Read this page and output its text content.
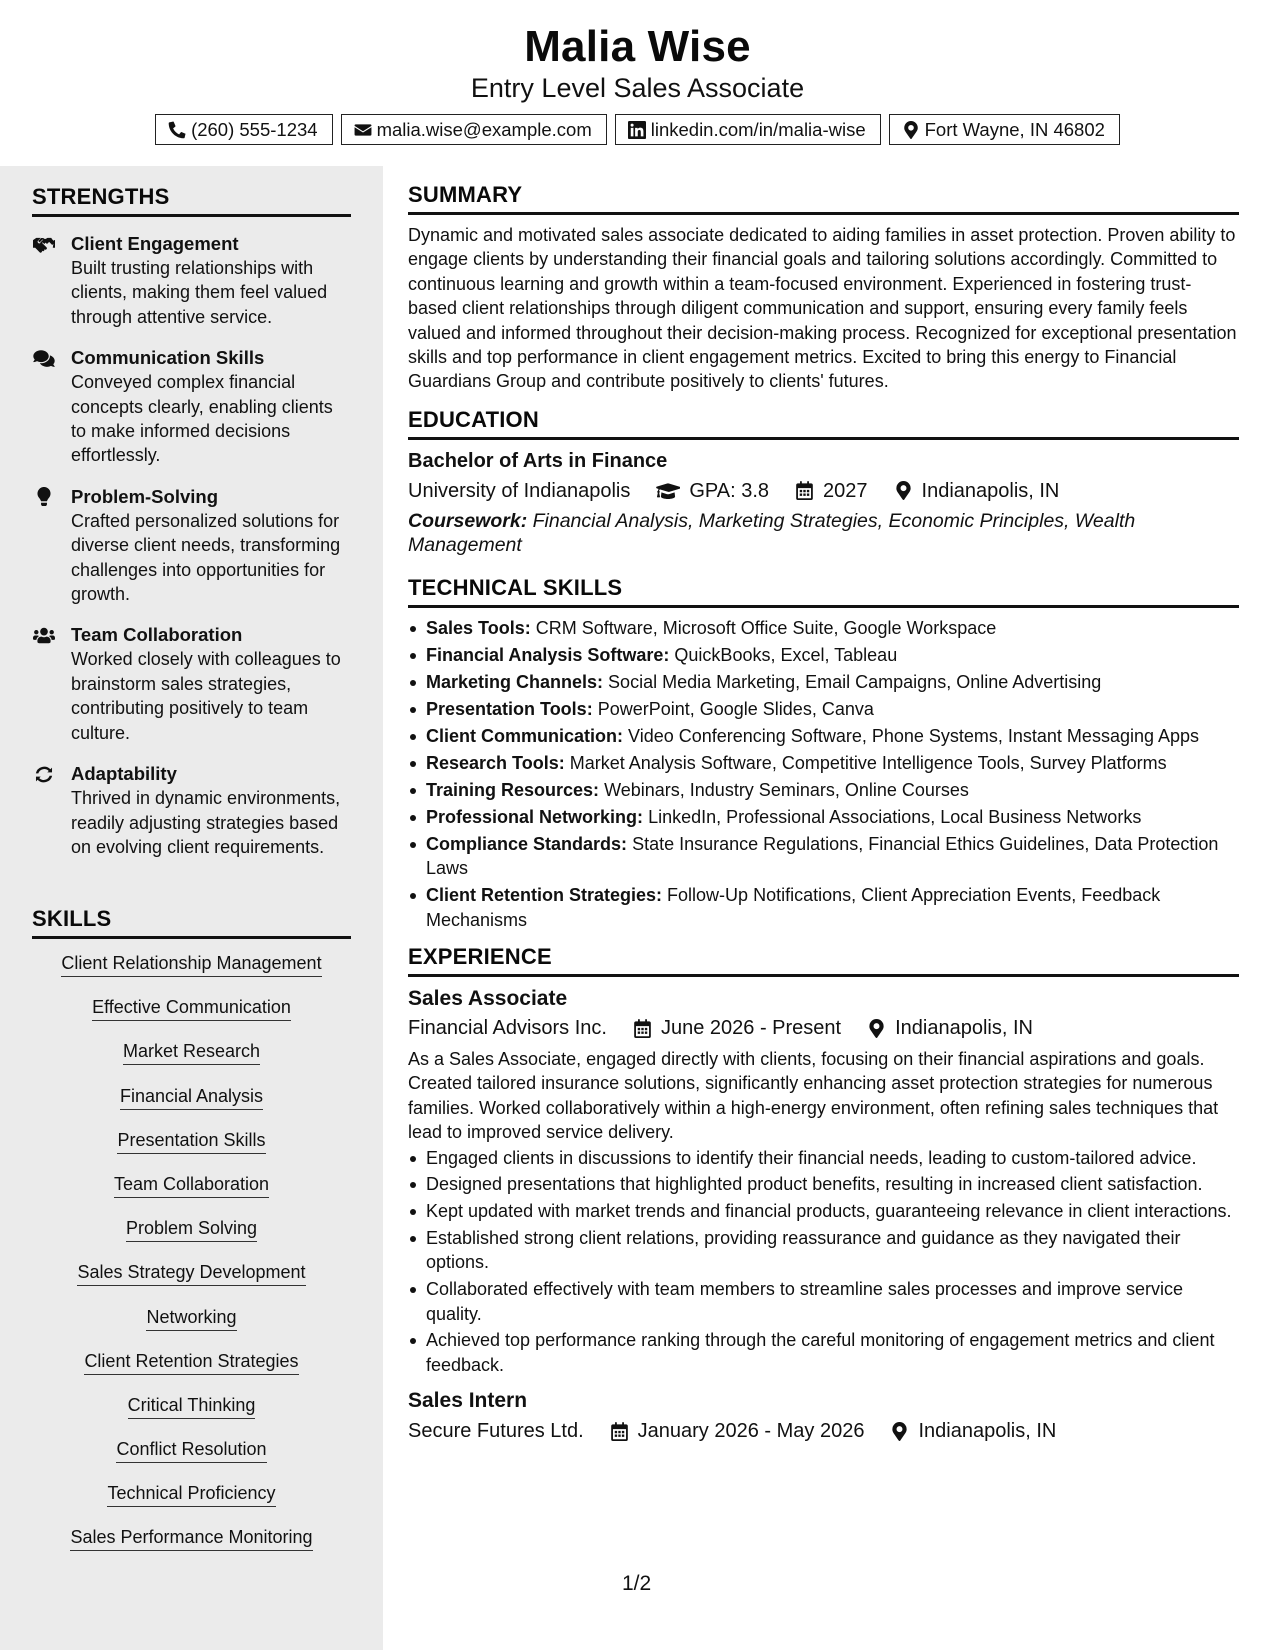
Malia Wise
Entry Level Sales Associate
(260) 555-1234	malia.wise@example.com	linkedin.com/in/malia-wise	Fort Wayne, IN 46802
STRENGTHS
Client Engagement
Built trusting relationships with clients, making them feel valued through attentive service.
Communication Skills
Conveyed complex financial concepts clearly, enabling clients to make informed decisions effortlessly.
Problem-Solving
Crafted personalized solutions for diverse client needs, transforming challenges into opportunities for growth.
Team Collaboration
Worked closely with colleagues to brainstorm sales strategies, contributing positively to team culture.
Adaptability
Thrived in dynamic environments, readily adjusting strategies based on evolving client requirements.
SKILLS
Client Relationship Management
Effective Communication
Market Research
Financial Analysis
Presentation Skills
Team Collaboration
Problem Solving
Sales Strategy Development
Networking
Client Retention Strategies
Critical Thinking
Conflict Resolution
Technical Proficiency
Sales Performance Monitoring
SUMMARY
Dynamic and motivated sales associate dedicated to aiding families in asset protection. Proven ability to engage clients by understanding their financial goals and tailoring solutions accordingly. Committed to continuous learning and growth within a team-focused environment. Experienced in fostering trust-based client relationships through diligent communication and support, ensuring every family feels valued and informed throughout their decision-making process. Recognized for exceptional presentation skills and top performance in client engagement metrics. Excited to bring this energy to Financial Guardians Group and contribute positively to clients' futures.
EDUCATION
Bachelor of Arts in Finance
University of Indianapolis	GPA: 3.8	2027	Indianapolis, IN
Coursework: Financial Analysis, Marketing Strategies, Economic Principles, Wealth Management
TECHNICAL SKILLS
Sales Tools: CRM Software, Microsoft Office Suite, Google Workspace
Financial Analysis Software: QuickBooks, Excel, Tableau
Marketing Channels: Social Media Marketing, Email Campaigns, Online Advertising
Presentation Tools: PowerPoint, Google Slides, Canva
Client Communication: Video Conferencing Software, Phone Systems, Instant Messaging Apps
Research Tools: Market Analysis Software, Competitive Intelligence Tools, Survey Platforms
Training Resources: Webinars, Industry Seminars, Online Courses
Professional Networking: LinkedIn, Professional Associations, Local Business Networks
Compliance Standards: State Insurance Regulations, Financial Ethics Guidelines, Data Protection Laws
Client Retention Strategies: Follow-Up Notifications, Client Appreciation Events, Feedback Mechanisms
EXPERIENCE
Sales Associate
Financial Advisors Inc.	June 2026 - Present	Indianapolis, IN
As a Sales Associate, engaged directly with clients, focusing on their financial aspirations and goals. Created tailored insurance solutions, significantly enhancing asset protection strategies for numerous families. Worked collaboratively within a high-energy environment, often refining sales techniques that lead to improved service delivery.
Engaged clients in discussions to identify their financial needs, leading to custom-tailored advice.
Designed presentations that highlighted product benefits, resulting in increased client satisfaction.
Kept updated with market trends and financial products, guaranteeing relevance in client interactions.
Established strong client relations, providing reassurance and guidance as they navigated their options.
Collaborated effectively with team members to streamline sales processes and improve service quality.
Achieved top performance ranking through the careful monitoring of engagement metrics and client feedback.
Sales Intern
Secure Futures Ltd.	January 2026 - May 2026	Indianapolis, IN
1/2
